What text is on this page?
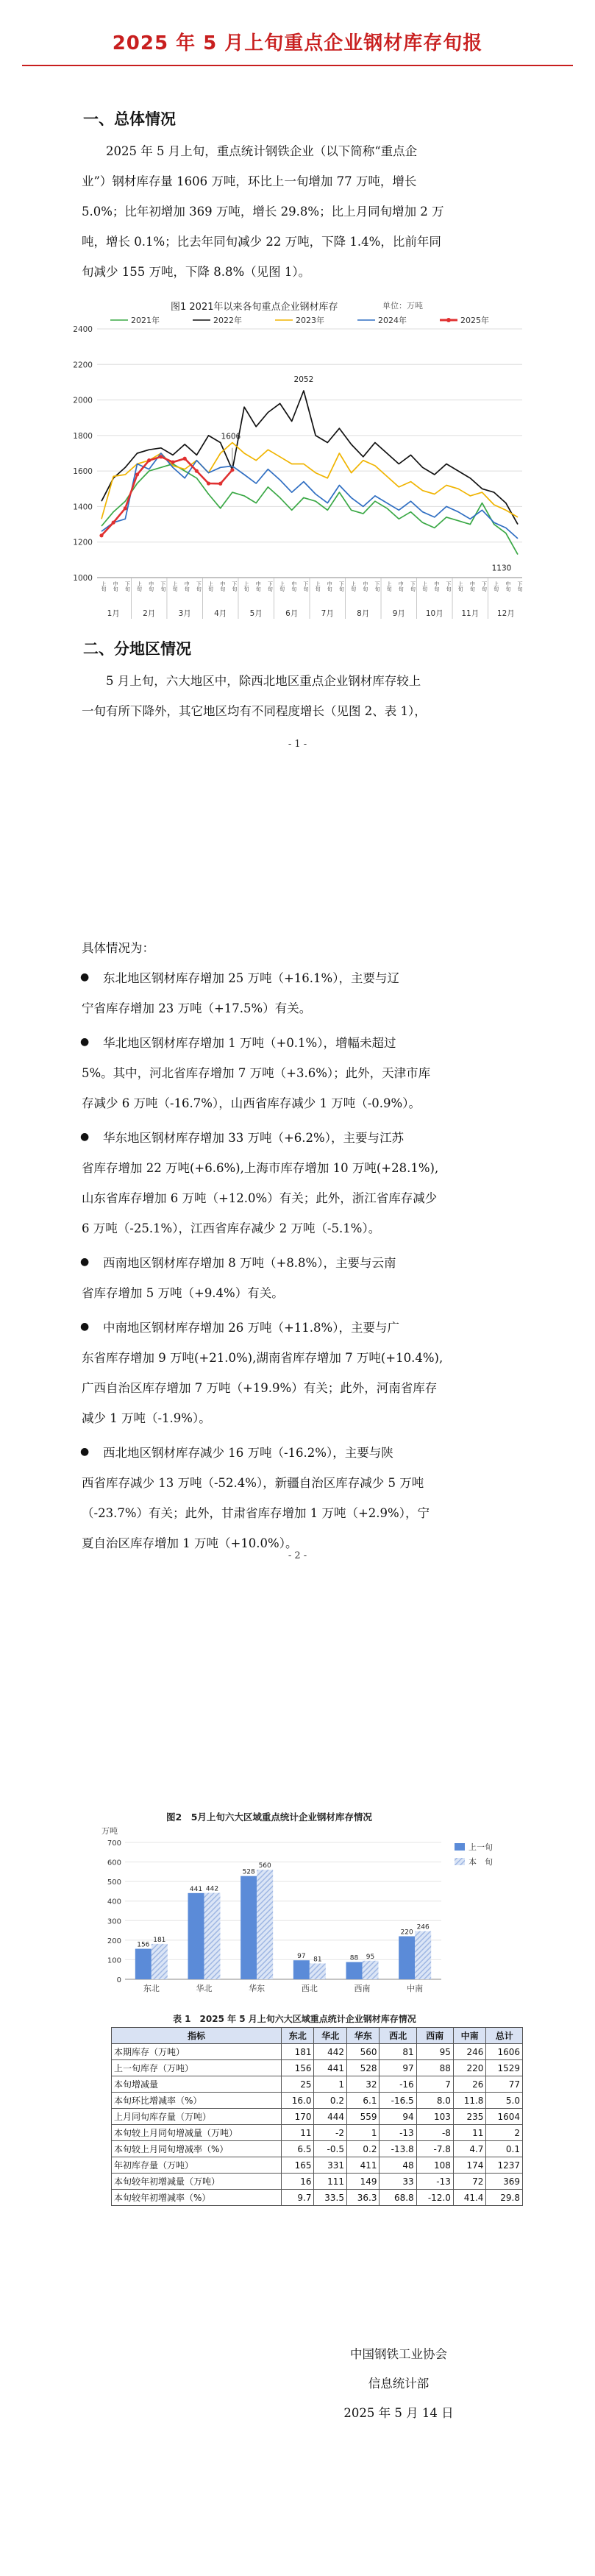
2025 年 5 月上旬重点企业钢材库存旬报
一、总体情况
2025 年 5 月上旬，重点统计钢铁企业（以下简称“重点企
业”）钢材库存量 1606 万吨，环比上一旬增加 77 万吨，增长
5.0%；比年初增加 369 万吨，增长 29.8%；比上月同旬增加 2 万
吨，增长 0.1%；比去年同旬减少 22 万吨，下降 1.4%，比前年同
旬减少 155 万吨，下降 8.8%（见图 1）。
图1 2021年以来各旬重点企业钢材库存	单位：万吨
2021年	2022年	2023年	2024年	2025年
1000
1200
1400
1600
1800
2000
2200
2400
上旬 中旬 下旬 上旬 中旬 下旬 上旬 中旬 下旬 上旬 中旬 下旬 上旬 中旬 下旬 上旬 中旬 下旬 上旬 中旬 下旬 上旬 中旬 下旬 上旬 中旬 下旬 上旬 中旬 下旬 上旬 中旬 下旬 上旬 中旬 下旬
1月	2月	3月	4月	5月	6月	7月	8月	9月	10月 11月 12月
1606
2052
1130
二、分地区情况
5 月上旬，六大地区中，除西北地区重点企业钢材库存较上
一旬有所下降外，其它地区均有不同程度增长（见图 2、表 1），
- 1 -
具体情况为：
● 东北地区钢材库存增加 25 万吨（+16.1%），主要与辽
宁省库存增加 23 万吨（+17.5%）有关。
● 华北地区钢材库存增加 1 万吨（+0.1%），增幅未超过
5%。其中，河北省库存增加 7 万吨（+3.6%）；此外，天津市库
存减少 6 万吨（-16.7%），山西省库存减少 1 万吨（-0.9%）。
● 华东地区钢材库存增加 33 万吨（+6.2%），主要与江苏
省库存增加 22 万吨(+6.6%),上海市库存增加 10 万吨(+28.1%),
山东省库存增加 6 万吨（+12.0%）有关；此外，浙江省库存减少
6 万吨（-25.1%），江西省库存减少 2 万吨（-5.1%）。
● 西南地区钢材库存增加 8 万吨（+8.8%），主要与云南
省库存增加 5 万吨（+9.4%）有关。
● 中南地区钢材库存增加 26 万吨（+11.8%），主要与广
东省库存增加 9 万吨(+21.0%),湖南省库存增加 7 万吨(+10.4%),
广西自治区库存增加 7 万吨（+19.9%）有关；此外，河南省库存
减少 1 万吨（-1.9%）。
● 西北地区钢材库存减少 16 万吨（-16.2%），主要与陕
西省库存减少 13 万吨（-52.4%），新疆自治区库存减少 5 万吨
（-23.7%）有关；此外，甘肃省库存增加 1 万吨（+2.9%），宁
夏自治区库存增加 1 万吨（+10.0%）。
- 2 -
图2　5月上旬六大区域重点统计企业钢材库存情况
万吨
0
100
200
300
400
500
600
700
156
181
东北
441 442
华北
528
560
华东
97 81
西北
88 95
西南
220
246
中南
上一旬
本　旬
表 1　2025 年 5 月上旬六大区域重点统计企业钢材库存情况
指标	东北	华北	华东	西北	西南	中南	总计
本期库存（万吨）	181	442	560	81	95	246	1606
上一旬库存（万吨）	156	441	528	97	88	220	1529
本旬增减量	25	1	32	-16	7	26	77
本旬环比增减率（%）	16.0	0.2	6.1	-16.5	8.0	11.8	5.0
上月同旬库存量（万吨）	170	444	559	94	103	235	1604
本旬较上月同旬增减量（万吨）	11	-2	1	-13	-8	11	2
本旬较上月同旬增减率（%）	6.5	-0.5	0.2	-13.8	-7.8	4.7	0.1
年初库存量（万吨）	165	331	411	48	108	174	1237
本旬较年初增减量（万吨）	16	111	149	33	-13	72	369
本旬较年初增减率（%）	9.7	33.5	36.3	68.8	-12.0	41.4	29.8
中国钢铁工业协会
信息统计部
2025 年 5 月 14 日
